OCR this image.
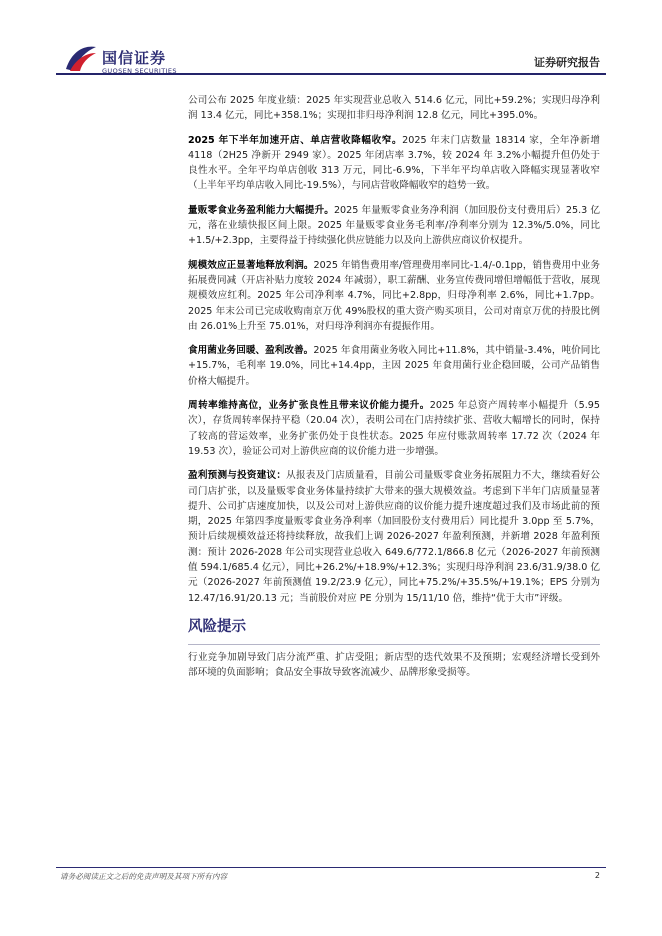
国信证券
GUOSEN SECURITIES
证券研究报告

公司公布 2025 年度业绩：2025 年实现营业总收入 514.6 亿元，同比+59.2%；实现归母净利润 13.4 亿元，同比+358.1%；实现扣非归母净利润 12.8 亿元，同比+395.0%。

2025 年下半年加速开店、单店营收降幅收窄。2025 年末门店数量 18314 家，全年净新增 4118（2H25 净新开 2949 家）。2025 年闭店率 3.7%，较 2024 年 3.2%小幅提升但仍处于良性水平。全年平均单店创收 313 万元，同比-6.9%，下半年平均单店收入降幅实现显著收窄（上半年平均单店收入同比-19.5%），与同店营收降幅收窄的趋势一致。

量贩零食业务盈利能力大幅提升。2025 年量贩零食业务净利润（加回股份支付费用后）25.3 亿元，落在业绩快报区间上限。2025 年量贩零食业务毛利率/净利率分别为 12.3%/5.0%，同比+1.5/+2.3pp，主要得益于持续强化供应链能力以及向上游供应商议价权提升。

规模效应正显著地释放利润。2025 年销售费用率/管理费用率同比-1.4/-0.1pp，销售费用中业务拓展费同减（开店补贴力度较 2024 年减弱），职工薪酬、业务宣传费同增但增幅低于营收，展现规模效应红利。2025 年公司净利率 4.7%，同比+2.8pp，归母净利率 2.6%，同比+1.7pp。2025 年末公司已完成收购南京万优 49%股权的重大资产购买项目，公司对南京万优的持股比例由 26.01%上升至 75.01%，对归母净利润亦有提振作用。

食用菌业务回暖、盈利改善。2025 年食用菌业务收入同比+11.8%，其中销量-3.4%，吨价同比+15.7%，毛利率 19.0%，同比+14.4pp，主因 2025 年食用菌行业企稳回暖，公司产品销售价格大幅提升。

周转率维持高位，业务扩张良性且带来议价能力提升。2025 年总资产周转率小幅提升（5.95 次），存货周转率保持平稳（20.04 次），表明公司在门店持续扩张、营收大幅增长的同时，保持了较高的营运效率，业务扩张仍处于良性状态。2025 年应付账款周转率 17.72 次（2024 年 19.53 次），验证公司对上游供应商的议价能力进一步增强。

盈利预测与投资建议：从报表及门店质量看，目前公司量贩零食业务拓展阻力不大，继续看好公司门店扩张，以及量贩零食业务体量持续扩大带来的强大规模效益。考虑到下半年门店质量显著提升、公司扩店速度加快，以及公司对上游供应商的议价能力提升速度超过我们及市场此前的预期，2025 年第四季度量贩零食业务净利率（加回股份支付费用后）同比提升 3.0pp 至 5.7%，预计后续规模效益还将持续释放，故我们上调 2026-2027 年盈利预测，并新增 2028 年盈利预测：预计 2026-2028 年公司实现营业总收入 649.6/772.1/866.8 亿元（2026-2027 年前预测值 594.1/685.4 亿元），同比+26.2%/+18.9%/+12.3%；实现归母净利润 23.6/31.9/38.0 亿元（2026-2027 年前预测值 19.2/23.9 亿元），同比+75.2%/+35.5%/+19.1%；EPS 分别为 12.47/16.91/20.13 元；当前股价对应 PE 分别为 15/11/10 倍，维持“优于大市”评级。

风险提示

行业竞争加剧导致门店分流严重、扩店受阻；新店型的迭代效果不及预期；宏观经济增长受到外部环境的负面影响；食品安全事故导致客流减少、品牌形象受损等。

请务必阅读正文之后的免责声明及其项下所有内容	2
